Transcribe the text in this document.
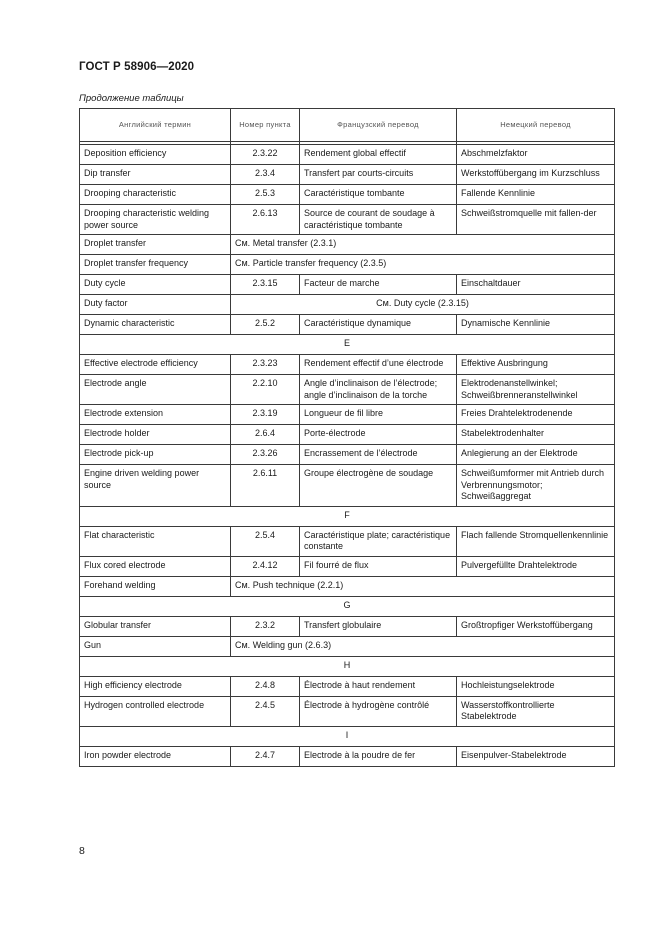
ГОСТ Р 58906—2020
Продолжение таблицы
Английский термин	Номер пункта	Французский перевод	Немецкий перевод

Deposition efficiency	2.3.22	Rendement global effectif	Abschmelzfaktor
Dip transfer	2.3.4	Transfert par courts-circuits	Werkstoffübergang im Kurzschluss
Drooping characteristic	2.5.3	Caractéristique tombante	Fallende Kennlinie
Drooping characteristic welding power source	2.6.13	Source de courant de soudage à caractéristique tombante	Schweißstromquelle mit fallen-der
Droplet transfer	См. Metal transfer (2.3.1)		
Droplet transfer frequency	См. Particle transfer frequency (2.3.5)		
Duty cycle	2.3.15	Facteur de marche	Einschaltdauer
Duty factor	См. Duty cycle (2.3.15)		
Dynamic characteristic	2.5.2	Caractéristique dynamique	Dynamische Kennlinie
E			
Effective electrode efficiency	2.3.23	Rendement effectif d’une électrode	Effektive Ausbringung
Electrode angle	2.2.10	Angle d’inclinaison de l’électrode; angle d’inclinaison de la torche	Elektrodenanstellwinkel; Schweißbrenneranstellwinkel
Electrode extension	2.3.19	Longueur de fil libre	Freies Drahtelektrodenende
Electrode holder	2.6.4	Porte-électrode	Stabelektrodenhalter
Electrode pick-up	2.3.26	Encrassement de l’électrode	Anlegierung an der Elektrode
Engine driven welding power source	2.6.11	Groupe électrogène de soudage	Schweißumformer mit Antrieb durch Verbrennungsmotor; Schweißaggregat
F			
Flat characteristic	2.5.4	Caractéristique plate; caractéristique constante	Flach fallende Stromquellenkennlinie
Flux cored electrode	2.4.12	Fil fourré de flux	Pulvergefüllte Drahtelektrode
Forehand welding	См. Push technique (2.2.1)		
G			
Globular transfer	2.3.2	Transfert globulaire	Großtropfiger Werkstoffübergang
Gun	См. Welding gun (2.6.3)		
H			
High efficiency electrode	2.4.8	Électrode à haut rendement	Hochleistungselektrode
Hydrogen controlled electrode	2.4.5	Électrode à hydrogène contrôlé	Wasserstoffkontrollierte Stabelektrode
I			
Iron powder electrode	2.4.7	Electrode à la poudre de fer	Eisenpulver-Stabelektrode
8
